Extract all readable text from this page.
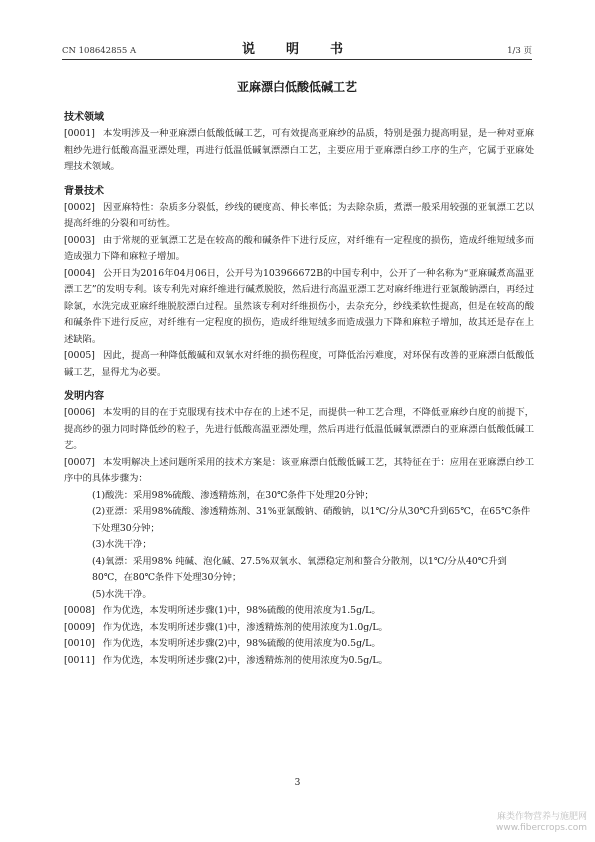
CN 108642855 A	说　明　书	1/3 页
亚麻漂白低酸低碱工艺
技术领域

[0001] 本发明涉及一种亚麻漂白低酸低碱工艺，可有效提高亚麻纱的品质，特别是强力提高明显，是一种对亚麻粗纱先进行低酸高温亚漂处理，再进行低温低碱氧漂漂白工艺，主要应用于亚麻漂白纱工序的生产，它属于亚麻处理技术领域。

背景技术

[0002] 因亚麻特性：杂质多分裂低，纱线的硬度高、伸长率低；为去除杂质，煮漂一般采用较强的亚氧漂工艺以提高纤维的分裂和可纺性。

[0003] 由于常规的亚氧漂工艺是在较高的酸和碱条件下进行反应，对纤维有一定程度的损伤，造成纤维短绒多而造成强力下降和麻粒子增加。

[0004] 公开日为2016年04月06日，公开号为103966672B的中国专利中，公开了一种名称为“亚麻碱煮高温亚漂工艺”的发明专利。该专利先对麻纤维进行碱煮脱胶，然后进行高温亚漂工艺对麻纤维进行亚氯酸钠漂白，再经过除氯，水洗完成亚麻纤维脱胶漂白过程。虽然该专利对纤维损伤小，去杂充分，纱线柔软性提高，但是在较高的酸和碱条件下进行反应，对纤维有一定程度的损伤，造成纤维短绒多而造成强力下降和麻粒子增加，故其还是存在上述缺陷。

[0005] 因此，提高一种降低酸碱和双氧水对纤维的损伤程度，可降低治污难度，对环保有改善的亚麻漂白低酸低碱工艺，显得尤为必要。

发明内容

[0006] 本发明的目的在于克服现有技术中存在的上述不足，而提供一种工艺合理，不降低亚麻纱白度的前提下，提高纱的强力同时降低纱的粒子，先进行低酸高温亚漂处理，然后再进行低温低碱氧漂漂白的亚麻漂白低酸低碱工艺。

[0007] 本发明解决上述问题所采用的技术方案是：该亚麻漂白低酸低碱工艺，其特征在于：应用在亚麻漂白纱工序中的具体步骤为：

(1)酸洗：采用98%硫酸、渗透精炼剂，在30℃条件下处理20分钟；

(2)亚漂：采用98%硫酸、渗透精炼剂、31%亚氯酸钠、硝酸钠，以1℃/分从30℃升到65℃，在65℃条件下处理30分钟；

(3)水洗干净；

(4)氧漂：采用98% 纯碱、泡化碱、27.5%双氧水、氧漂稳定剂和螯合分散剂，以1℃/分从40℃升到80℃，在80℃条件下处理30分钟；

(5)水洗干净。

[0008] 作为优选，本发明所述步骤(1)中，98%硫酸的使用浓度为1.5g/L。

[0009] 作为优选，本发明所述步骤(1)中，渗透精炼剂的使用浓度为1.0g/L。

[0010] 作为优选，本发明所述步骤(2)中，98%硫酸的使用浓度为0.5g/L。

[0011] 作为优选，本发明所述步骤(2)中，渗透精炼剂的使用浓度为0.5g/L。

3
麻类作物营养与施肥网
www.fibercrops.com
